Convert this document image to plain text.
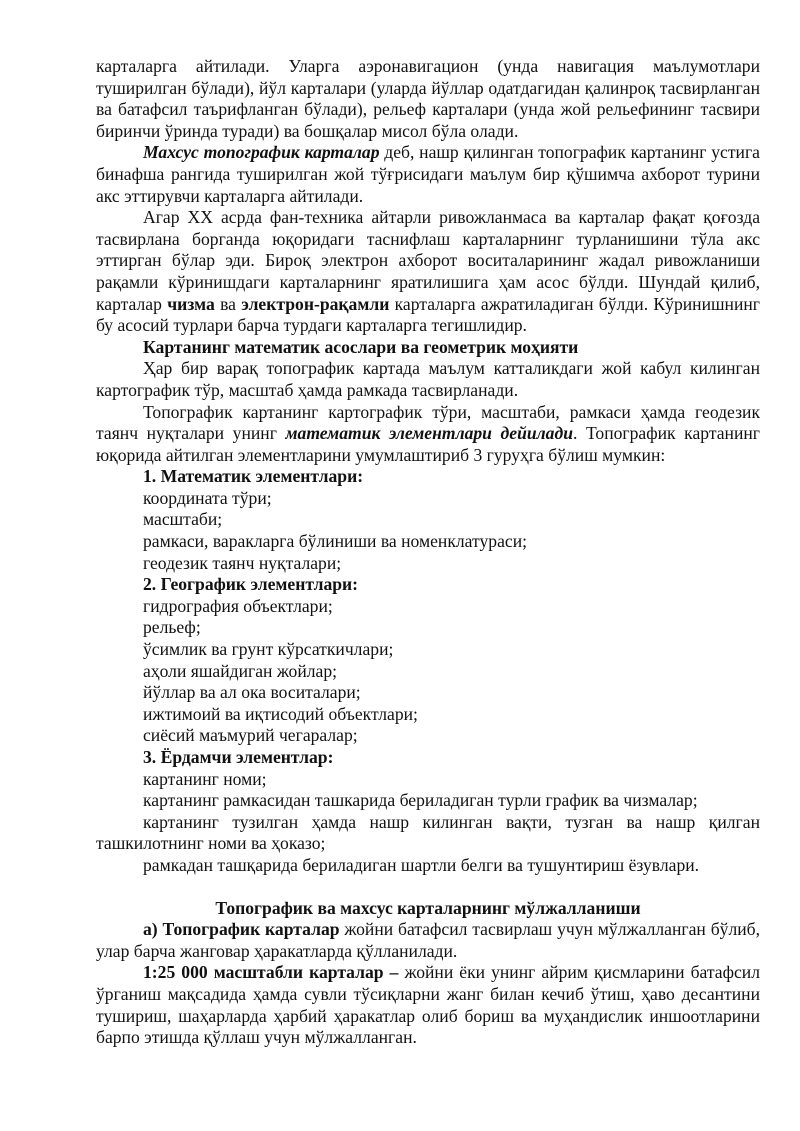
карталарга айтилади. Уларга аэронавигацион (унда навигация маълумотлари туширилган бўлади), йўл карталари (уларда йўллар одатдагидан қалинроқ тасвирланган ва батафсил таърифланган бўлади), рельеф карталари (унда жой рельефининг тасвири биринчи ўринда туради) ва бошқалар мисол бўла олади.

Махсус топографик карталар деб, нашр қилинган топографик картанинг устига бинафша рангида туширилган жой тўғрисидаги маълум бир қўшимча ахборот турини акс эттирувчи карталарга айтилади.

Агар XX асрда фан-техника айтарли ривожланмаса ва карталар фақат қоғозда тасвирлана борганда юқоридаги таснифлаш карталарнинг турланишини тўла акс эттирган бўлар эди. Бироқ электрон ахборот воситаларининг жадал ривожланиши рақамли кўринишдаги карталарнинг яратилишига ҳам асос бўлди. Шундай қилиб, карталар чизма ва электрон-рақамли карталарга ажратиладиган бўлди. Кўринишнинг бу асосий турлари барча турдаги карталарга тегишлидир.

Картанинг математик асослари ва геометрик моҳияти

Ҳар бир варақ топографик картада маълум катталикдаги жой кабул килинган картографик тўр, масштаб ҳамда рамкада тасвирланади.

Топографик картанинг картографик тўри, масштаби, рамкаси ҳамда геодезик таянч нуқталари унинг математик элементлари дейилади. Топографик картанинг юқорида айтилган элементларини умумлаштириб 3 гуруҳга бўлиш мумкин:

1. Математик элементлари:

координата тўри;

масштаби;

рамкаси, варакларга бўлиниши ва номенклатураси;

геодезик таянч нуқталари;

2. Географик элементлари:

гидрография объектлари;

рельеф;

ўсимлик ва грунт кўрсаткичлари;

аҳоли яшайдиган жойлар;

йўллар ва ал ока воситалари;

ижтимоий ва иқтисодий объектлари;

сиёсий маъмурий чегаралар;

3. Ёрдамчи элементлар:

картанинг номи;

картанинг рамкасидан ташкарида бериладиган турли график ва чизмалар;

картанинг тузилган ҳамда нашр килинган вақти, тузган ва нашр қилган ташкилотнинг номи ва ҳоказо;

рамкадан ташқарида бериладиган шартли белги ва тушунтириш ёзувлари.

Топографик ва махсус карталарнинг мўлжалланиши

а) Топографик карталар жойни батафсил тасвирлаш учун мўлжалланган бўлиб, улар барча жанговар ҳаракатларда қўлланилади.

1:25 000 масштабли карталар – жойни ёки унинг айрим қисмларини батафсил ўрганиш мақсадида ҳамда сувли тўсиқларни жанг билан кечиб ўтиш, ҳаво десантини тушириш, шаҳарларда ҳарбий ҳаракатлар олиб бориш ва муҳандислик иншоотларини барпо этишда қўллаш учун мўлжалланган.
